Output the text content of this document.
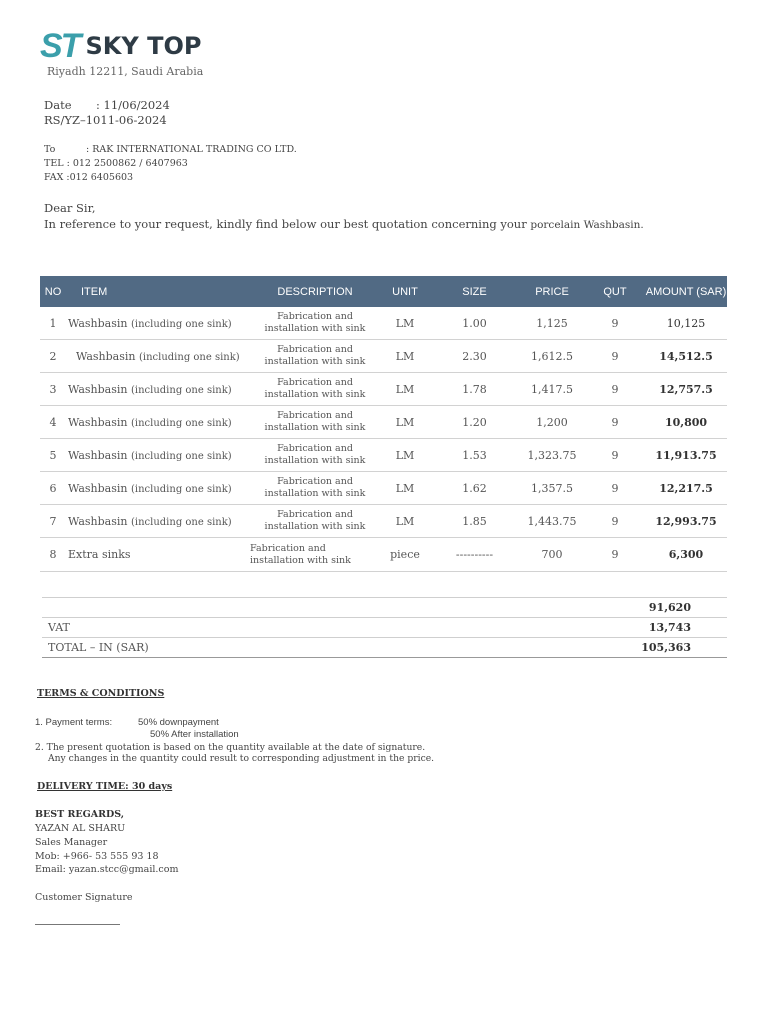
ST SKY TOP
Riyadh 12211, Saudi Arabia
Date : 11/06/2024
RS/YZ–1011-06-2024
To	: RAK INTERNATIONAL TRADING CO LTD.
TEL : 012 2500862 / 6407963
FAX :012 6405603
Dear Sir,
In reference to your request, kindly find below our best quotation concerning your porcelain Washbasin.
NO	ITEM	DESCRIPTION	UNIT	SIZE	PRICE	QUT	AMOUNT (SAR)
1	Washbasin (including one sink)	Fabrication and
installation with sink	LM	1.00	1,125	9	10,125
2	Washbasin (including one sink)	Fabrication and
installation with sink	LM	2.30	1,612.5	9	14,512.5
3	Washbasin (including one sink)	Fabrication and
installation with sink	LM	1.78	1,417.5	9	12,757.5
4	Washbasin (including one sink)	Fabrication and
installation with sink	LM	1.20	1,200	9	10,800
5	Washbasin (including one sink)	Fabrication and
installation with sink	LM	1.53	1,323.75	9	11,913.75
6	Washbasin (including one sink)	Fabrication and
installation with sink	LM	1.62	1,357.5	9	12,217.5
7	Washbasin (including one sink)	Fabrication and
installation with sink	LM	1.85	1,443.75	9	12,993.75
8	Extra sinks	Fabrication and
installation with sink	piece	----------	700	9	6,300
	91,620
VAT	13,743
TOTAL – IN (SAR)	105,363
TERMS & CONDITIONS
1. Payment terms:	50% downpayment
50% After installation
2. The present quotation is based on the quantity available at the date of signature.
Any changes in the quantity could result to corresponding adjustment in the price.
DELIVERY TIME: 30 days
BEST REGARDS,
YAZAN AL SHARU
Sales Manager
Mob: +966- 53 555 93 18
Email: yazan.stcc@gmail.com
Customer Signature
